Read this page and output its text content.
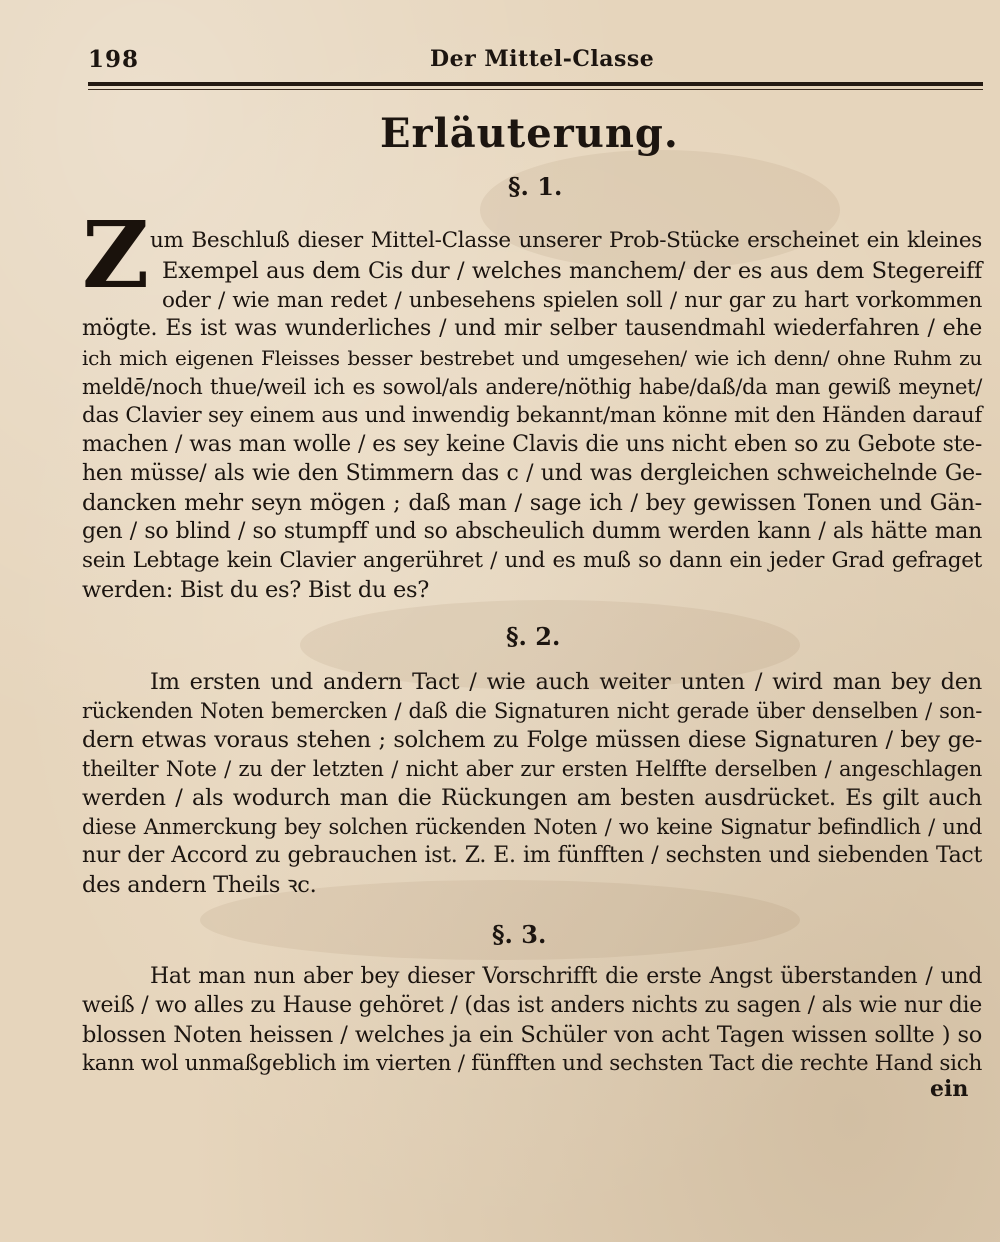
198	Der Mittel-Classe
Erläuterung.
§. 1.
Z um Beschluß dieser Mittel-Classe unserer Prob-Stücke erscheinet ein kleines
Exempel aus dem Cis dur / welches manchem/ der es aus dem Stegereiff
oder / wie man redet / unbesehens spielen soll / nur gar zu hart vorkommen
mögte. Es ist was wunderliches / und mir selber tausendmahl wiederfahren / ehe
ich mich eigenen Fleisses besser bestrebet und umgesehen/ wie ich denn/ ohne Ruhm zu
meldē/noch thue/weil ich es sowol/als andere/nöthig habe/daß/da man gewiß meynet/
das Clavier sey einem aus und inwendig bekannt/man könne mit den Händen darauf
machen / was man wolle / es sey keine Clavis die uns nicht eben so zu Gebote ste-
hen müsse/ als wie den Stimmern das c / und was dergleichen schweichelnde Ge-
dancken mehr seyn mögen ; daß man / sage ich / bey gewissen Tonen und Gän-
gen / so blind / so stumpff und so abscheulich dumm werden kann / als hätte man
sein Lebtage kein Clavier angerühret / und es muß so dann ein jeder Grad gefraget
werden: Bist du es? Bist du es?
§. 2.
Im ersten und andern Tact / wie auch weiter unten / wird man bey den
rückenden Noten bemercken / daß die Signaturen nicht gerade über denselben / son-
dern etwas voraus stehen ; solchem zu Folge müssen diese Signaturen / bey ge-
theilter Note / zu der letzten / nicht aber zur ersten Helffte derselben / angeschlagen
werden / als wodurch man die Rückungen am besten ausdrücket. Es gilt auch
diese Anmerckung bey solchen rückenden Noten / wo keine Signatur befindlich / und
nur der Accord zu gebrauchen ist. Z. E. im fünfften / sechsten und siebenden Tact
des andern Theils ꝛc.
§. 3.
Hat man nun aber bey dieser Vorschrifft die erste Angst überstanden / und
weiß / wo alles zu Hause gehöret / (das ist anders nichts zu sagen / als wie nur die
blossen Noten heissen / welches ja ein Schüler von acht Tagen wissen sollte ) so
kann wol unmaßgeblich im vierten / fünfften und sechsten Tact die rechte Hand sich
ein
